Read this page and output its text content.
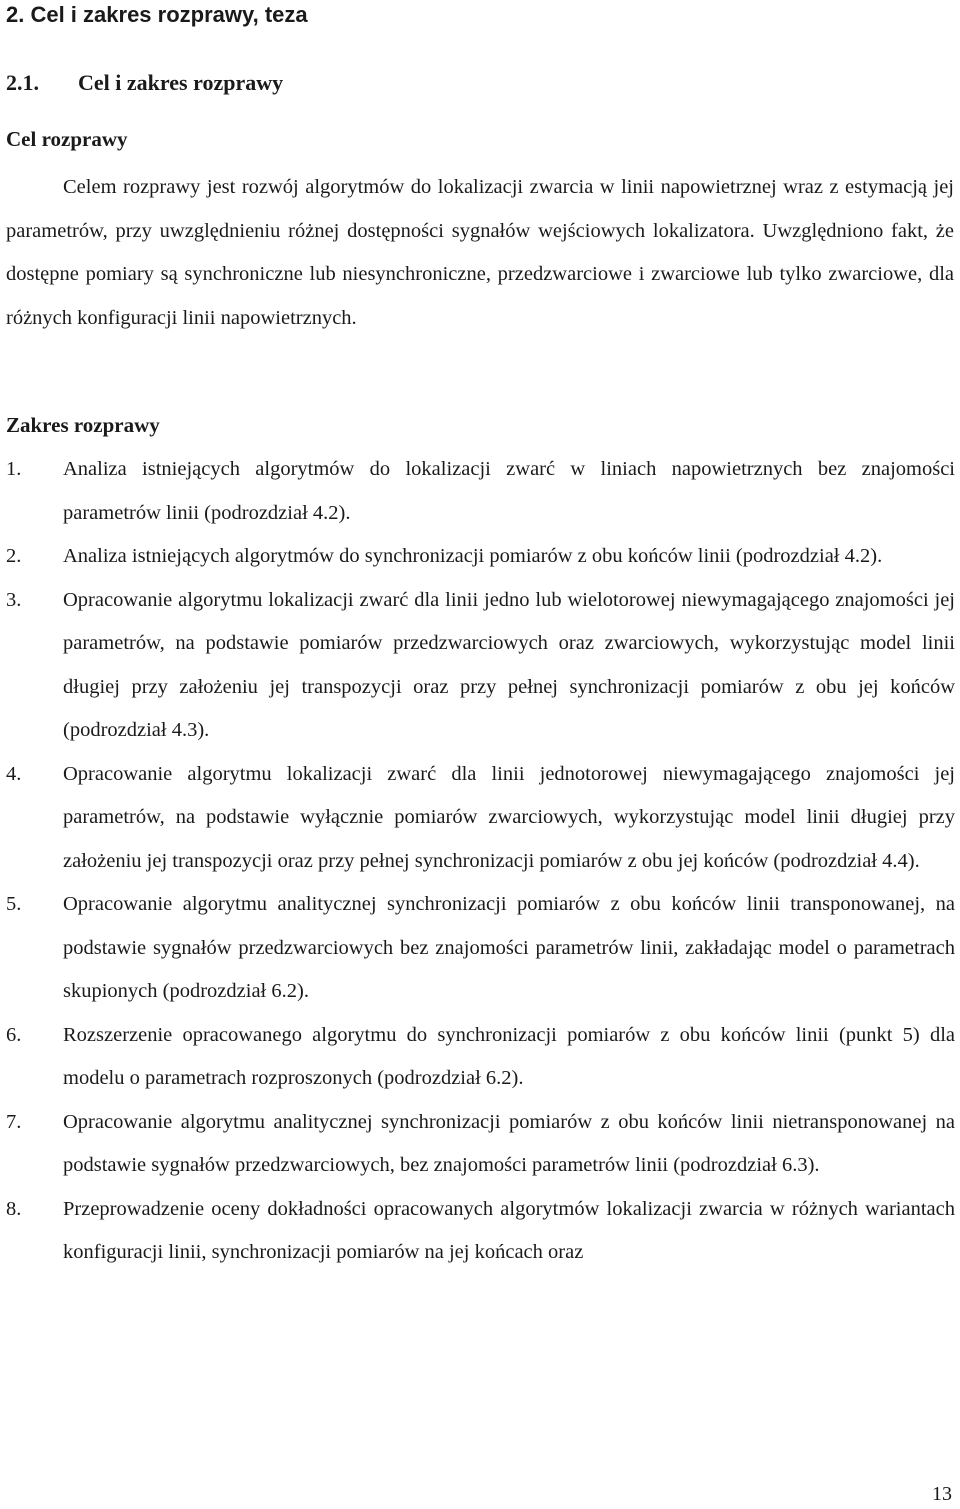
2. Cel i zakres rozprawy, teza
2.1. Cel i zakres rozprawy
Cel rozprawy

Celem rozprawy jest rozwój algorytmów do lokalizacji zwarcia w linii napowietrznej wraz z estymacją jej parametrów, przy uwzględnieniu różnej dostępności sygnałów wejściowych lokalizatora. Uwzględniono fakt, że dostępne pomiary są synchroniczne lub niesynchroniczne, przedzwarciowe i zwarciowe lub tylko zwarciowe, dla różnych konfiguracji linii napowietrznych.

Zakres rozprawy
1. Analiza istniejących algorytmów do lokalizacji zwarć w liniach napowietrznych bez znajomości parametrów linii (podrozdział 4.2).
2. Analiza istniejących algorytmów do synchronizacji pomiarów z obu końców linii (podrozdział 4.2).
3. Opracowanie algorytmu lokalizacji zwarć dla linii jedno lub wielotorowej niewymagającego znajomości jej parametrów, na podstawie pomiarów przedzwarciowych oraz zwarciowych, wykorzystując model linii długiej przy założeniu jej transpozycji oraz przy pełnej synchronizacji pomiarów z obu jej końców (podrozdział 4.3).
4. Opracowanie algorytmu lokalizacji zwarć dla linii jednotorowej niewymagającego znajomości jej parametrów, na podstawie wyłącznie pomiarów zwarciowych, wykorzystując model linii długiej przy założeniu jej transpozycji oraz przy pełnej synchronizacji pomiarów z obu jej końców (podrozdział 4.4).
5. Opracowanie algorytmu analitycznej synchronizacji pomiarów z obu końców linii transponowanej, na podstawie sygnałów przedzwarciowych bez znajomości parametrów linii, zakładając model o parametrach skupionych (podrozdział 6.2).
6. Rozszerzenie opracowanego algorytmu do synchronizacji pomiarów z obu końców linii (punkt 5) dla modelu o parametrach rozproszonych (podrozdział 6.2).
7. Opracowanie algorytmu analitycznej synchronizacji pomiarów z obu końców linii nietransponowanej na podstawie sygnałów przedzwarciowych, bez znajomości parametrów linii (podrozdział 6.3).
8. Przeprowadzenie oceny dokładności opracowanych algorytmów lokalizacji zwarcia w różnych wariantach konfiguracji linii, synchronizacji pomiarów na jej końcach oraz
13
